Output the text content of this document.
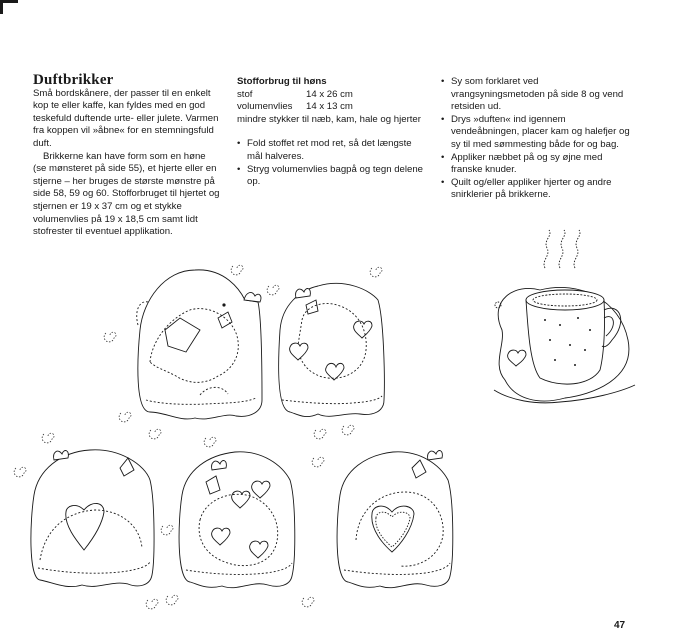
Duftbrikker

Små bordskånere, der passer til en enkelt kop te eller kaffe, kan fyldes med en god teskefuld duftende urte- eller julete. Varmen fra koppen vil »åbne« for en stemningsfuld duft.

Brikkerne kan have form som en høne (se mønsteret på side 55), et hjerte eller en stjerne – her bruges de største mønstre på side 58, 59 og 60. Stofforbruget til hjertet og stjernen er 19 x 37 cm og et stykke volumenvlies på 19 x 18,5 cm samt lidt stofrester til eventuel applikation.

Stofforbrug til høns
stof	14 x 26 cm
volumenvlies	14 x 13 cm

mindre stykker til næb, kam, hale og hjerter

• Fold stoffet ret mod ret, så det længste mål halveres.
• Stryg volumenvlies bagpå og tegn delene op.
• Sy som forklaret ved vrangsyningsmetoden på side 8 og vend retsiden ud.
• Drys »duften« ind igennem vendeåbningen, placer kam og halefjer og sy til med sømmesting både for og bag.
• Appliker næbbet på og sy øjne med franske knuder.
• Quilt og/eller appliker hjerter og andre snirklerier på brikkerne.
47
